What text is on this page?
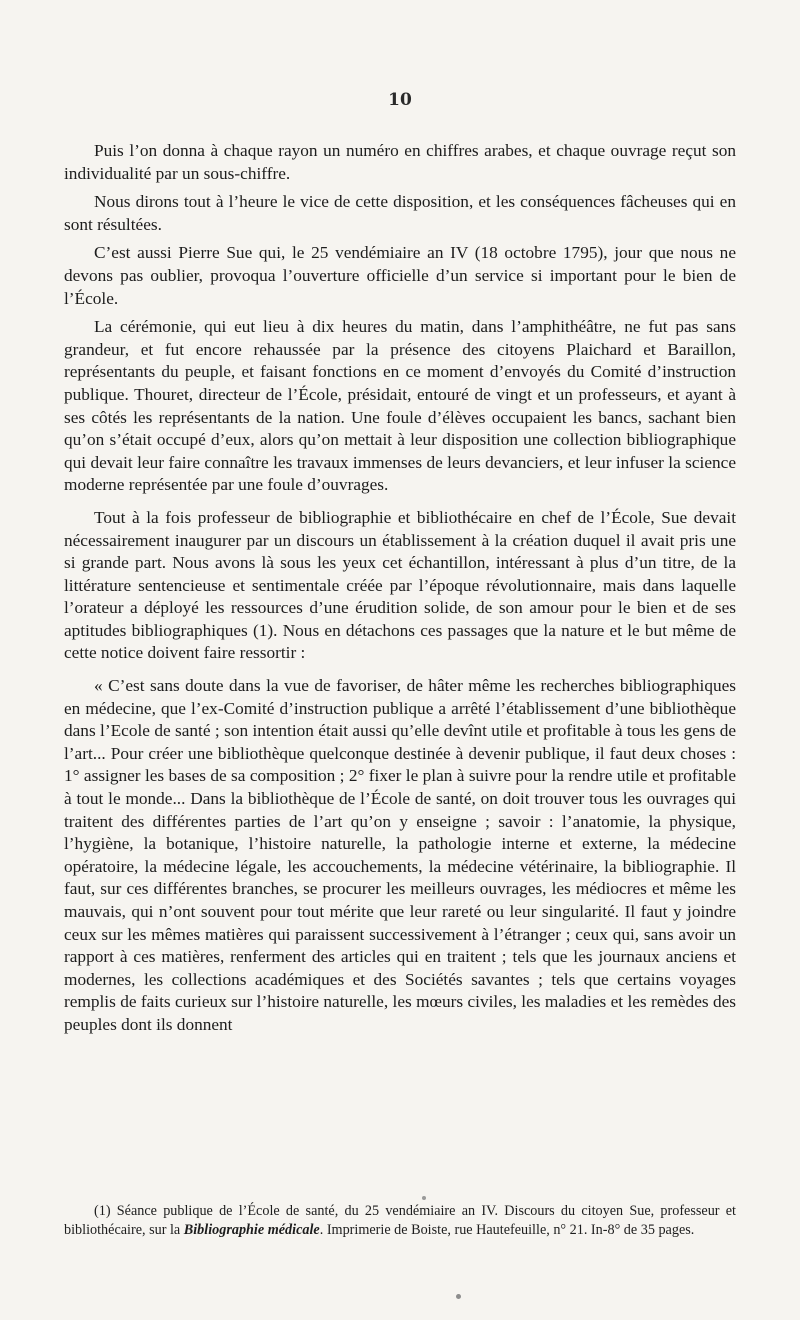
10

Puis l’on donna à chaque rayon un numéro en chiffres arabes, et chaque ouvrage reçut son individualité par un sous-chiffre.

Nous dirons tout à l’heure le vice de cette disposition, et les conséquences fâcheuses qui en sont résultées.

C’est aussi Pierre Sue qui, le 25 vendémiaire an IV (18 octobre 1795), jour que nous ne devons pas oublier, provoqua l’ouverture officielle d’un service si important pour le bien de l’École.

La cérémonie, qui eut lieu à dix heures du matin, dans l’amphithéâtre, ne fut pas sans grandeur, et fut encore rehaussée par la présence des citoyens Plaichard et Baraillon, représentants du peuple, et faisant fonctions en ce moment d’envoyés du Comité d’instruction publique. Thouret, directeur de l’École, présidait, entouré de vingt et un professeurs, et ayant à ses côtés les représentants de la nation. Une foule d’élèves occupaient les bancs, sachant bien qu’on s’était occupé d’eux, alors qu’on mettait à leur disposition une collection bibliographique qui devait leur faire connaître les travaux immenses de leurs devanciers, et leur infuser la science moderne représentée par une foule d’ouvrages.

Tout à la fois professeur de bibliographie et bibliothécaire en chef de l’École, Sue devait nécessairement inaugurer par un discours un établissement à la création duquel il avait pris une si grande part. Nous avons là sous les yeux cet échantillon, intéressant à plus d’un titre, de la littérature sentencieuse et sentimentale créée par l’époque révolutionnaire, mais dans laquelle l’orateur a déployé les ressources d’une érudition solide, de son amour pour le bien et de ses aptitudes bibliographiques (1). Nous en détachons ces passages que la nature et le but même de cette notice doivent faire ressortir :

« C’est sans doute dans la vue de favoriser, de hâter même les recherches bibliographiques en médecine, que l’ex-Comité d’instruction publique a arrêté l’établissement d’une bibliothèque dans l’Ecole de santé ; son intention était aussi qu’elle devînt utile et profitable à tous les gens de l’art... Pour créer une bibliothèque quelconque destinée à devenir publique, il faut deux choses : 1° assigner les bases de sa composition ; 2° fixer le plan à suivre pour la rendre utile et profitable à tout le monde... Dans la bibliothèque de l’École de santé, on doit trouver tous les ouvrages qui traitent des différentes parties de l’art qu’on y enseigne ; savoir : l’anatomie, la physique, l’hygiène, la botanique, l’histoire naturelle, la pathologie interne et externe, la médecine opératoire, la médecine légale, les accouchements, la médecine vétérinaire, la bibliographie. Il faut, sur ces différentes branches, se procurer les meilleurs ouvrages, les médiocres et même les mauvais, qui n’ont souvent pour tout mérite que leur rareté ou leur singularité. Il faut y joindre ceux sur les mêmes matières qui paraissent successivement à l’étranger ; ceux qui, sans avoir un rapport à ces matières, renferment des articles qui en traitent ; tels que les journaux anciens et modernes, les collections académiques et des Sociétés savantes ; tels que certains voyages remplis de faits curieux sur l’histoire naturelle, les mœurs civiles, les maladies et les remèdes des peuples dont ils donnent

(1) Séance publique de l’École de santé, du 25 vendémiaire an IV. Discours du citoyen Sue, professeur et bibliothécaire, sur la Bibliographie médicale. Imprimerie de Boiste, rue Hautefeuille, n° 21. In-8° de 35 pages.
